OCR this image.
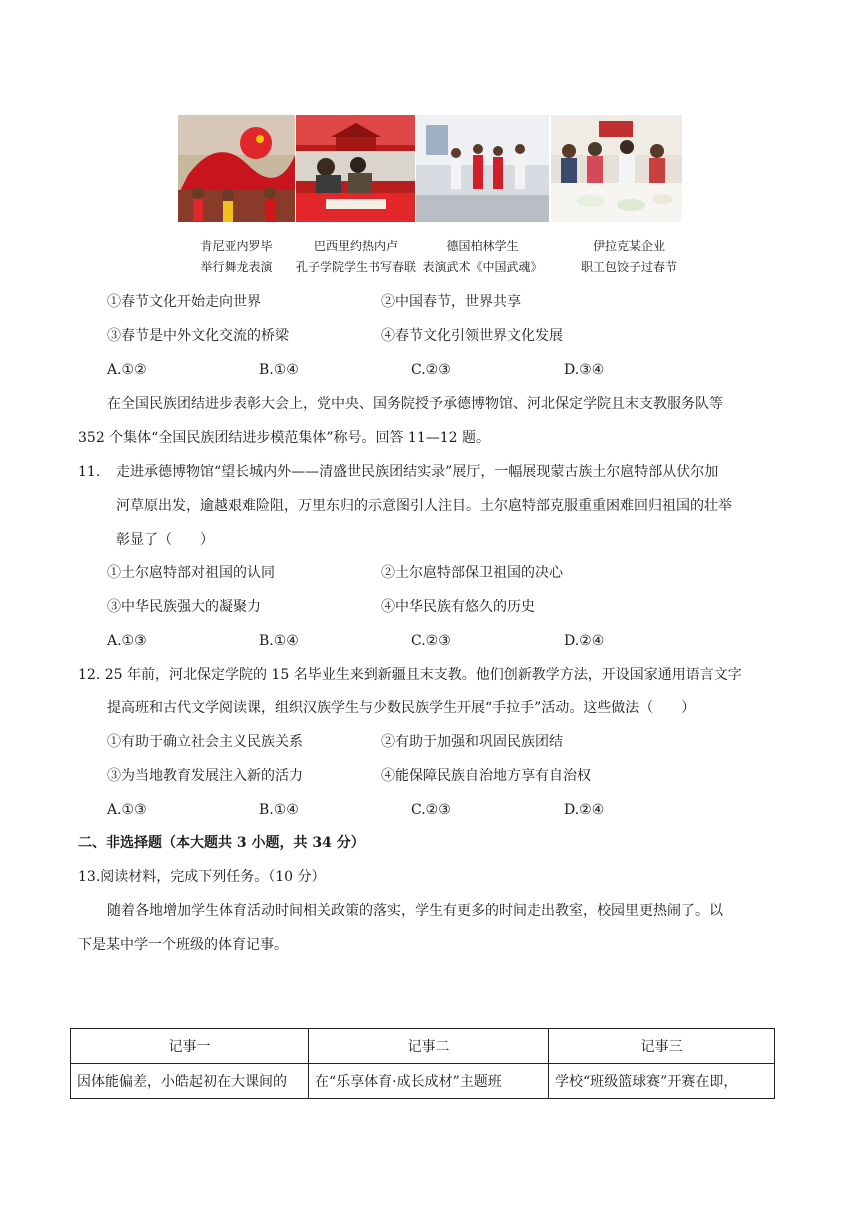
肯尼亚内罗毕
举行舞龙表演
巴西里约热内卢
孔子学院学生书写春联
德国柏林学生
表演武术《中国武魂》
伊拉克某企业
职工包饺子过春节
①春节文化开始走向世界	②中国春节，世界共享
③春节是中外文化交流的桥梁	④春节文化引领世界文化发展
A.①②	B.①④	C.②③	D.③④
在全国民族团结进步表彰大会上，党中央、国务院授予承德博物馆、河北保定学院且末支教服务队等
352 个集体“全国民族团结进步模范集体”称号。回答 11—12 题。
11. 走进承德博物馆“望长城内外——清盛世民族团结实录”展厅，一幅展现蒙古族土尔扈特部从伏尔加
河草原出发，逾越艰难险阻，万里东归的示意图引人注目。土尔扈特部克服重重困难回归祖国的壮举
彰显了（　　）
①土尔扈特部对祖国的认同	②土尔扈特部保卫祖国的决心
③中华民族强大的凝聚力	④中华民族有悠久的历史
A.①③	B.①④	C.②③	D.②④
12. 25 年前，河北保定学院的 15 名毕业生来到新疆且末支教。他们创新教学方法，开设国家通用语言文字
提高班和古代文学阅读课，组织汉族学生与少数民族学生开展“手拉手”活动。这些做法（　　）
①有助于确立社会主义民族关系	②有助于加强和巩固民族团结
③为当地教育发展注入新的活力	④能保障民族自治地方享有自治权
A.①③	B.①④	C.②③	D.②④
二、非选择题（本大题共 3 小题，共 34 分）
13.阅读材料，完成下列任务。（10 分）
随着各地增加学生体育活动时间相关政策的落实，学生有更多的时间走出教室，校园里更热闹了。以
下是某中学一个班级的体育记事。
记事一	记事二	记事三
因体能偏差，小皓起初在大课间的	在“乐享体育·成长成材”主题班	学校“班级篮球赛”开赛在即，
